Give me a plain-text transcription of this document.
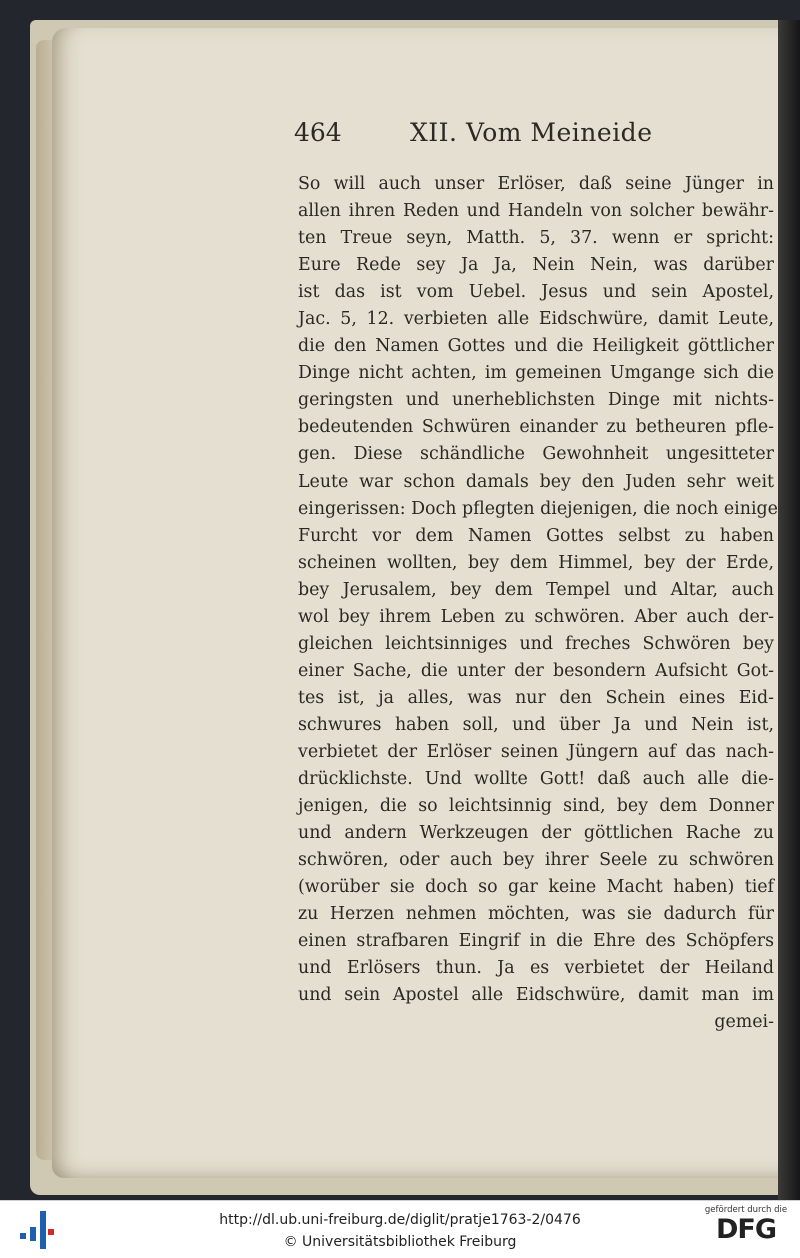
464	XII. Vom Meineide
So will auch unser Erlöser, daß seine Jünger in
allen ihren Reden und Handeln von solcher bewähr-
ten Treue seyn, Matth. 5, 37. wenn er spricht:
Eure Rede sey Ja Ja, Nein Nein, was darüber
ist das ist vom Uebel. Jesus und sein Apostel,
Jac. 5, 12. verbieten alle Eidschwüre, damit Leute,
die den Namen Gottes und die Heiligkeit göttlicher
Dinge nicht achten, im gemeinen Umgange sich die
geringsten und unerheblichsten Dinge mit nichts-
bedeutenden Schwüren einander zu betheuren pfle-
gen. Diese schändliche Gewohnheit ungesitteter
Leute war schon damals bey den Juden sehr weit
eingerissen: Doch pflegten diejenigen, die noch einige
Furcht vor dem Namen Gottes selbst zu haben
scheinen wollten, bey dem Himmel, bey der Erde,
bey Jerusalem, bey dem Tempel und Altar, auch
wol bey ihrem Leben zu schwören. Aber auch der-
gleichen leichtsinniges und freches Schwören bey
einer Sache, die unter der besondern Aufsicht Got-
tes ist, ja alles, was nur den Schein eines Eid-
schwures haben soll, und über Ja und Nein ist,
verbietet der Erlöser seinen Jüngern auf das nach-
drücklichste. Und wollte Gott! daß auch alle die-
jenigen, die so leichtsinnig sind, bey dem Donner
und andern Werkzeugen der göttlichen Rache zu
schwören, oder auch bey ihrer Seele zu schwören
(worüber sie doch so gar keine Macht haben) tief
zu Herzen nehmen möchten, was sie dadurch für
einen strafbaren Eingrif in die Ehre des Schöpfers
und Erlösers thun. Ja es verbietet der Heiland
und sein Apostel alle Eidschwüre, damit man im
gemei-
http://dl.ub.uni-freiburg.de/diglit/pratje1763-2/0476
© Universitätsbibliothek Freiburg
gefördert durch die
DFG
